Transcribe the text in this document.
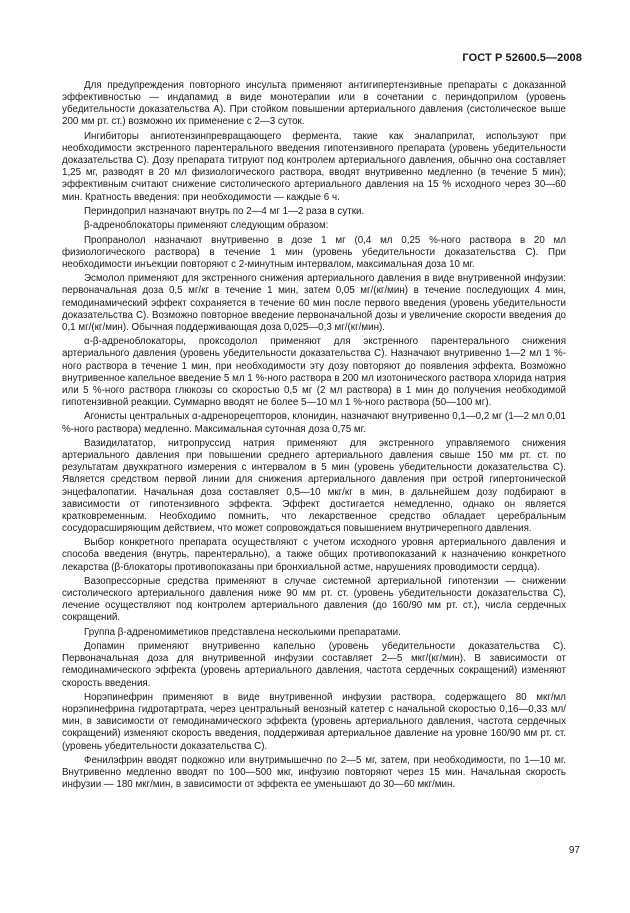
ГОСТ Р 52600.5—2008

Для предупреждения повторного инсульта применяют антигипертензивные препараты с доказанной эффективностью — индапамид в виде монотерапии или в сочетании с периндоприлом (уровень убедительности доказательства А). При стойком повышении артериального давления (систолическое выше 200 мм рт. ст.) возможно их применение с 2—3 суток.

Ингибиторы ангиотензинпревращающего фермента, такие как эналаприлат, используют при необходимости экстренного парентерального введения гипотензивного препарата (уровень убедительности доказательства С). Дозу препарата титруют под контролем артериального давления, обычно она составляет 1,25 мг, разводят в 20 мл физиологического раствора, вводят внутривенно медленно (в течение 5 мин); эффективным считают снижение систолического артериального давления на 15 % исходного через 30—60 мин. Кратность введения: при необходимости — каждые 6 ч.

Периндоприл назначают внутрь по 2—4 мг 1—2 раза в сутки.

β-адреноблокаторы применяют следующим образом:

Пропранолол назначают внутривенно в дозе 1 мг (0,4 мл 0,25 %-ного раствора в 20 мл физиологического раствора) в течение 1 мин (уровень убедительности доказательства С). При необходимости инъекции повторяют с 2-минутным интервалом, максимальная доза 10 мг.

Эсмолол применяют для экстренного снижения артериального давления в виде внутривенной инфузии: первоначальная доза 0,5 мг/кг в течение 1 мин, затем 0,05 мг/(кг/мин) в течение последующих 4 мин, гемодинамический эффект сохраняется в течение 60 мин после первого введения (уровень убедительности доказательства С). Возможно повторное введение первоначальной дозы и увеличение скорости введения до 0,1 мг/(кг/мин). Обычная поддерживающая доза 0,025—0,3 мг/(кг/мин).

α-β-адреноблокаторы, проксодолол применяют для экстренного парентерального снижения артериального давления (уровень убедительности доказательства С). Назначают внутривенно 1—2 мл 1 %-ного раствора в течение 1 мин, при необходимости эту дозу повторяют до появления эффекта. Возможно внутривенное капельное введение 5 мл 1 %-ного раствора в 200 мл изотонического раствора хлорида натрия или 5 %-ного раствора глюкозы со скоростью 0,5 мг (2 мл раствора) в 1 мин до получения необходимой гипотензивной реакции. Суммарно вводят не более 5—10 мл 1 %-ного раствора (50—100 мг).

Агонисты центральных α-адренорецепторов, клонидин, назначают внутривенно 0,1—0,2 мг (1—2 мл 0,01 %-ного раствора) медленно. Максимальная суточная доза 0,75 мг.

Вазидилататор, нитропруссид натрия применяют для экстренного управляемого снижения артериального давления при повышении среднего артериального давления свыше 150 мм рт. ст. по результатам двухкратного измерения с интервалом в 5 мин (уровень убедительности доказательства С). Является средством первой линии для снижения артериального давления при острой гипертонической энцефалопатии. Начальная доза составляет 0,5—10 мкг/кг в мин, в дальнейшем дозу подбирают в зависимости от гипотензивного эффекта. Эффект достигается немедленно, однако он является кратковременным. Необходимо помнить, что лекарственное средство обладает церебральным сосудорасширяющим действием, что может сопровождаться повышением внутричерепного давления.

Выбор конкретного препарата осуществляют с учетом исходного уровня артериального давления и способа введения (внутрь, парентерально), а также общих противопоказаний к назначению конкретного лекарства (β-блокаторы противопоказаны при бронхиальной астме, нарушениях проводимости сердца).

Вазопрессорные средства применяют в случае системной артериальной гипотензии — снижении систолического артериального давления ниже 90 мм рт. ст. (уровень убедительности доказательства С), лечение осуществляют под контролем артериального давления (до 160/90 мм рт. ст.), числа сердечных сокращений.

Группа β-адреномиметиков представлена несколькими препаратами.

Допамин применяют внутривенно капельно (уровень убедительности доказательства С). Первоначальная доза для внутривенной инфузии составляет 2—5 мкг/(кг/мин). В зависимости от гемодинамического эффекта (уровень артериального давления, частота сердечных сокращений) изменяют скорость введения.

Норэпинефрин применяют в виде внутривенной инфузии раствора, содержащего 80 мкг/мл норэпинефрина гидротартрата, через центральный венозный катетер с начальной скоростью 0,16—0,33 мл/мин, в зависимости от гемодинамического эффекта (уровень артериального давления, частота сердечных сокращений) изменяют скорость введения, поддерживая артериальное давление на уровне 160/90 мм рт. ст. (уровень убедительности доказательства С).

Фенилэфрин вводят подкожно или внутримышечно по 2—5 мг, затем, при необходимости, по 1—10 мг. Внутривенно медленно вводят по 100—500 мкг, инфузию повторяют через 15 мин. Начальная скорость инфузии — 180 мкг/мин, в зависимости от эффекта ее уменьшают до 30—60 мкг/мин.

97
